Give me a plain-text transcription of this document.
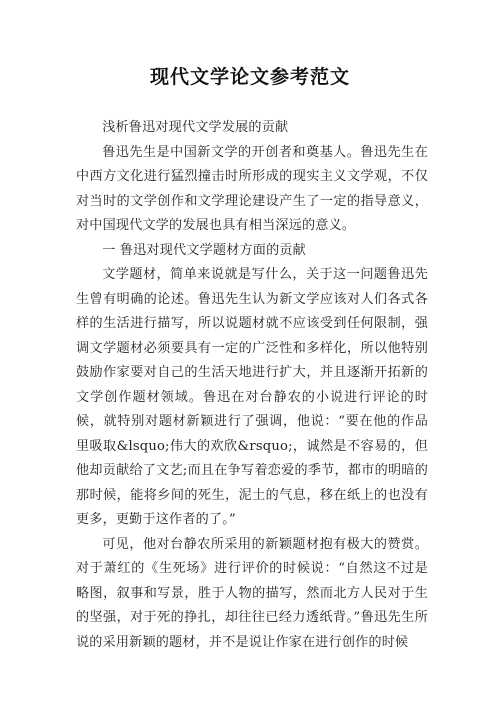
现代文学论文参考范文

浅析鲁迅对现代文学发展的贡献

鲁迅先生是中国新文学的开创者和奠基人。鲁迅先生在中西方文化进行猛烈撞击时所形成的现实主义文学观，不仅对当时的文学创作和文学理论建设产生了一定的指导意义，对中国现代文学的发展也具有相当深远的意义。

一 鲁迅对现代文学题材方面的贡献

文学题材，简单来说就是写什么，关于这一问题鲁迅先生曾有明确的论述。鲁迅先生认为新文学应该对人们各式各样的生活进行描写，所以说题材就不应该受到任何限制，强调文学题材必须要具有一定的广泛性和多样化，所以他特别鼓励作家要对自己的生活天地进行扩大，并且逐渐开拓新的文学创作题材领域。鲁迅在对台静农的小说进行评论的时候，就特别对题材新颖进行了强调，他说：“要在他的作品里吸取&lsquo;伟大的欢欣&rsquo;，诚然是不容易的，但他却贡献给了文艺;而且在争写着恋爱的季节，都市的明暗的那时候，能将乡间的死生，泥土的气息，移在纸上的也没有更多，更勤于这作者的了。”

可见，他对台静农所采用的新颖题材抱有极大的赞赏。对于萧红的《生死场》进行评价的时候说：“自然这不过是略图，叙事和写景，胜于人物的描写，然而北方人民对于生的坚强，对于死的挣扎，却往往已经力透纸背。”鲁迅先生所说的采用新颖的题材，并不是说让作家在进行创作的时候
